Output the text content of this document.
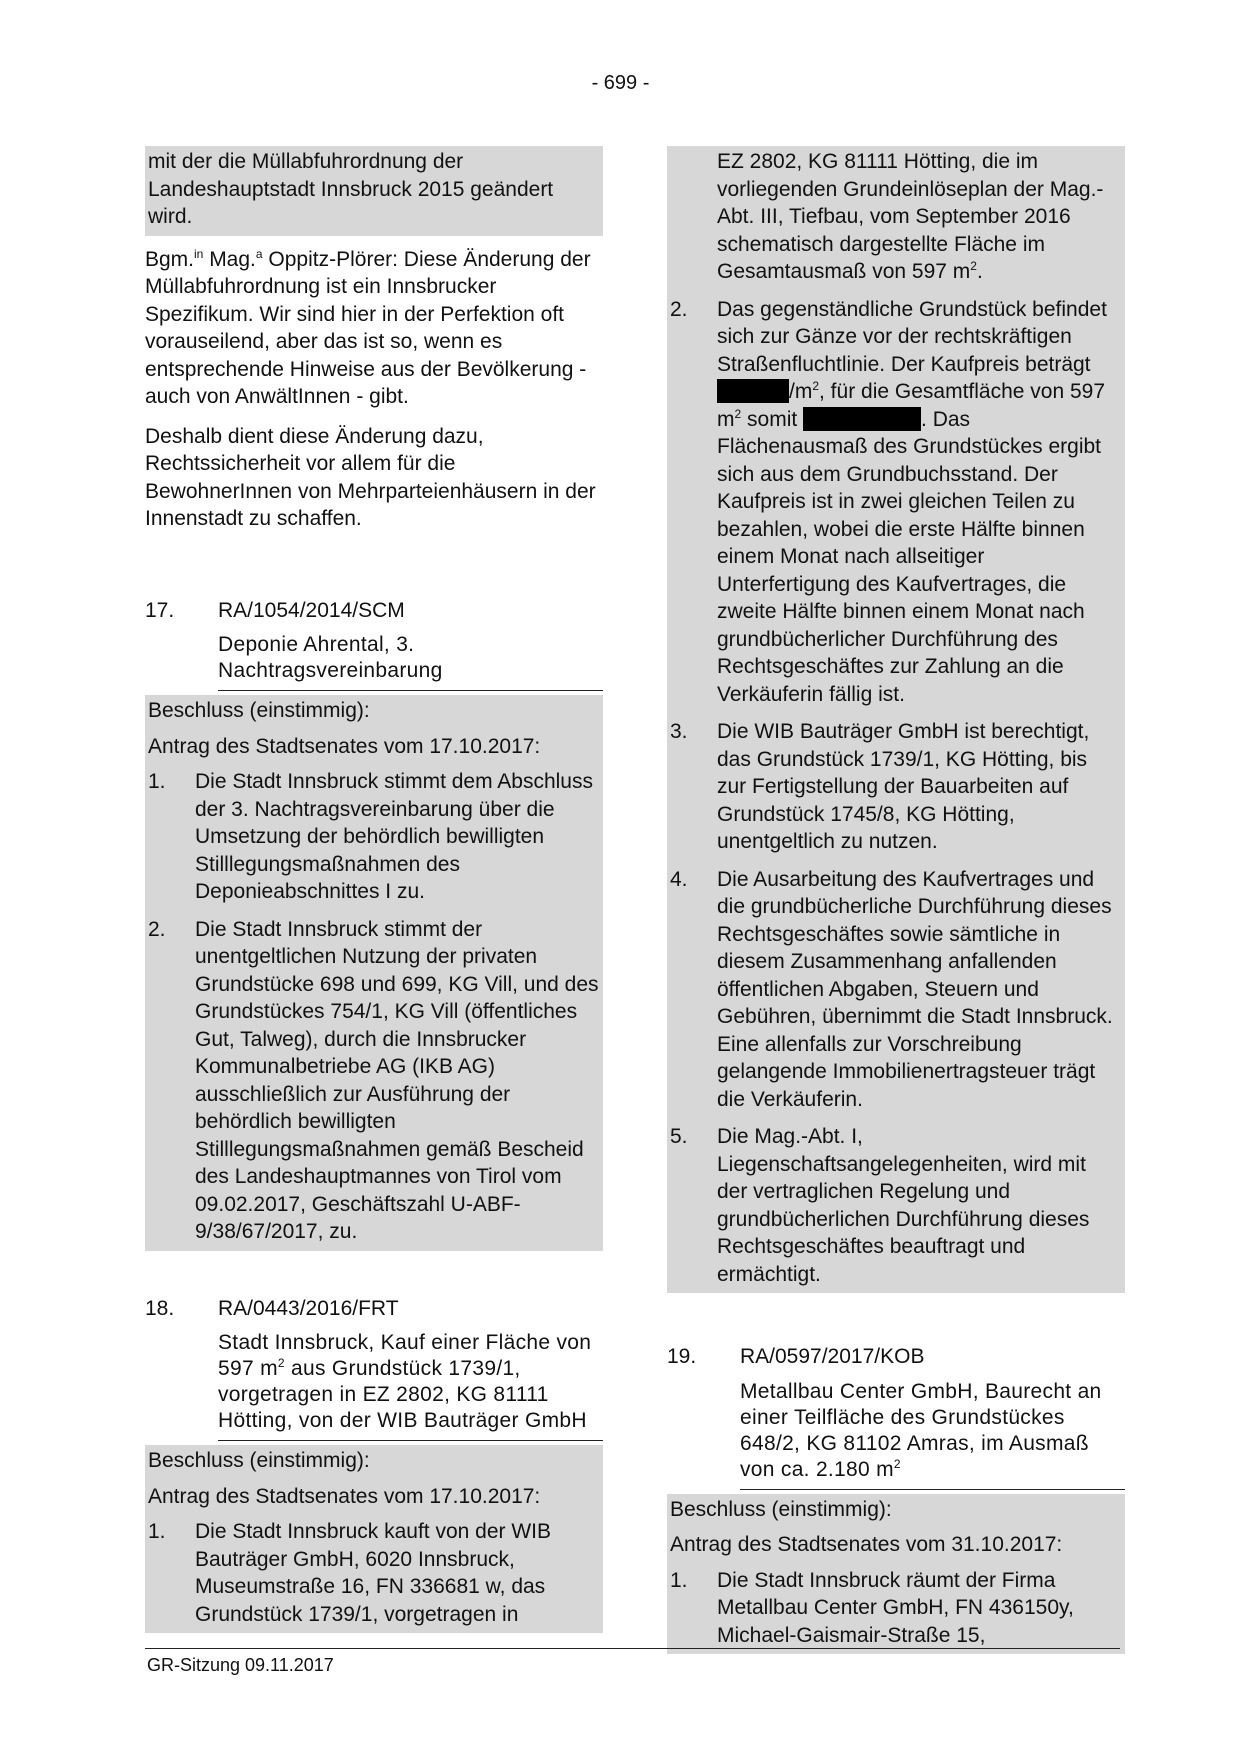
- 699 -
mit der die Müllabfuhrordnung der Landeshauptstadt Innsbruck 2015 geändert wird.

Bgm.$^{in}$ Mag.$^a$ Oppitz-Plörer: Diese Änderung der Müllabfuhrordnung ist ein Innsbrucker Spezifikum. Wir sind hier in der Perfektion oft vorauseilend, aber das ist so, wenn es entsprechende Hinweise aus der Bevölkerung - auch von AnwältInnen - gibt.

Deshalb dient diese Änderung dazu, Rechtssicherheit vor allem für die BewohnerInnen von Mehrparteienhäusern in der Innenstadt zu schaffen.

17.	RA/1054/2014/SCM
Deponie Ahrental, 3. Nachtragsvereinbarung
Beschluss (einstimmig):
Antrag des Stadtsenates vom 17.10.2017:
1.	Die Stadt Innsbruck stimmt dem Abschluss der 3. Nachtragsvereinbarung über die Umsetzung der behördlich bewilligten Stilllegungsmaßnahmen des Deponieabschnittes I zu.
2.	Die Stadt Innsbruck stimmt der unentgeltlichen Nutzung der privaten Grundstücke 698 und 699, KG Vill, und des Grundstückes 754/1, KG Vill (öffentliches Gut, Talweg), durch die Innsbrucker Kommunalbetriebe AG (IKB AG) ausschließlich zur Ausführung der behördlich bewilligten Stilllegungsmaßnahmen gemäß Bescheid des Landeshauptmannes von Tirol vom 09.02.2017, Geschäftszahl U-ABF-9/38/67/2017, zu.
18.	RA/0443/2016/FRT
Stadt Innsbruck, Kauf einer Fläche von 597 $m^2$ aus Grundstück 1739/1, vorgetragen in EZ 2802, KG 81111 Hötting, von der WIB Bauträger GmbH
Beschluss (einstimmig):
Antrag des Stadtsenates vom 17.10.2017:
1.	Die Stadt Innsbruck kauft von der WIB Bauträger GmbH, 6020 Innsbruck, Museumstraße 16, FN 336681 w, das Grundstück 1739/1, vorgetragen in
EZ 2802, KG 81111 Hötting, die im vorliegenden Grundeinlöseplan der Mag.-Abt. III, Tiefbau, vom September 2016 schematisch dargestellte Fläche im Gesamtausmaß von 597 $m^2$.
2.	Das gegenständliche Grundstück befindet sich zur Gänze vor der rechtskräftigen Straßenfluchtlinie. Der Kaufpreis beträgt $/m^2$, für die Gesamtfläche von 597 $m^2$ somit	. Das Flächenausmaß des Grundstückes ergibt sich aus dem Grundbuchsstand. Der Kaufpreis ist in zwei gleichen Teilen zu bezahlen, wobei die erste Hälfte binnen einem Monat nach allseitiger Unterfertigung des Kaufvertrages, die zweite Hälfte binnen einem Monat nach grundbücherlicher Durchführung des Rechtsgeschäftes zur Zahlung an die Verkäuferin fällig ist.
3.	Die WIB Bauträger GmbH ist berechtigt, das Grundstück 1739/1, KG Hötting, bis zur Fertigstellung der Bauarbeiten auf Grundstück 1745/8, KG Hötting, unentgeltlich zu nutzen.
4.	Die Ausarbeitung des Kaufvertrages und die grundbücherliche Durchführung dieses Rechtsgeschäftes sowie sämtliche in diesem Zusammenhang anfallenden öffentlichen Abgaben, Steuern und Gebühren, übernimmt die Stadt Innsbruck. Eine allenfalls zur Vorschreibung gelangende Immobilienertragsteuer trägt die Verkäuferin.
5.	Die Mag.-Abt. I, Liegenschaftsangelegenheiten, wird mit der vertraglichen Regelung und grundbücherlichen Durchführung dieses Rechtsgeschäftes beauftragt und ermächtigt.
19.	RA/0597/2017/KOB
Metallbau Center GmbH, Baurecht an einer Teilfläche des Grundstückes 648/2, KG 81102 Amras, im Ausmaß von ca. 2.180 $m^2$
Beschluss (einstimmig):
Antrag des Stadtsenates vom 31.10.2017:
1.	Die Stadt Innsbruck räumt der Firma Metallbau Center GmbH, FN 436150y, Michael-Gaismair-Straße 15,
GR-Sitzung 09.11.2017
